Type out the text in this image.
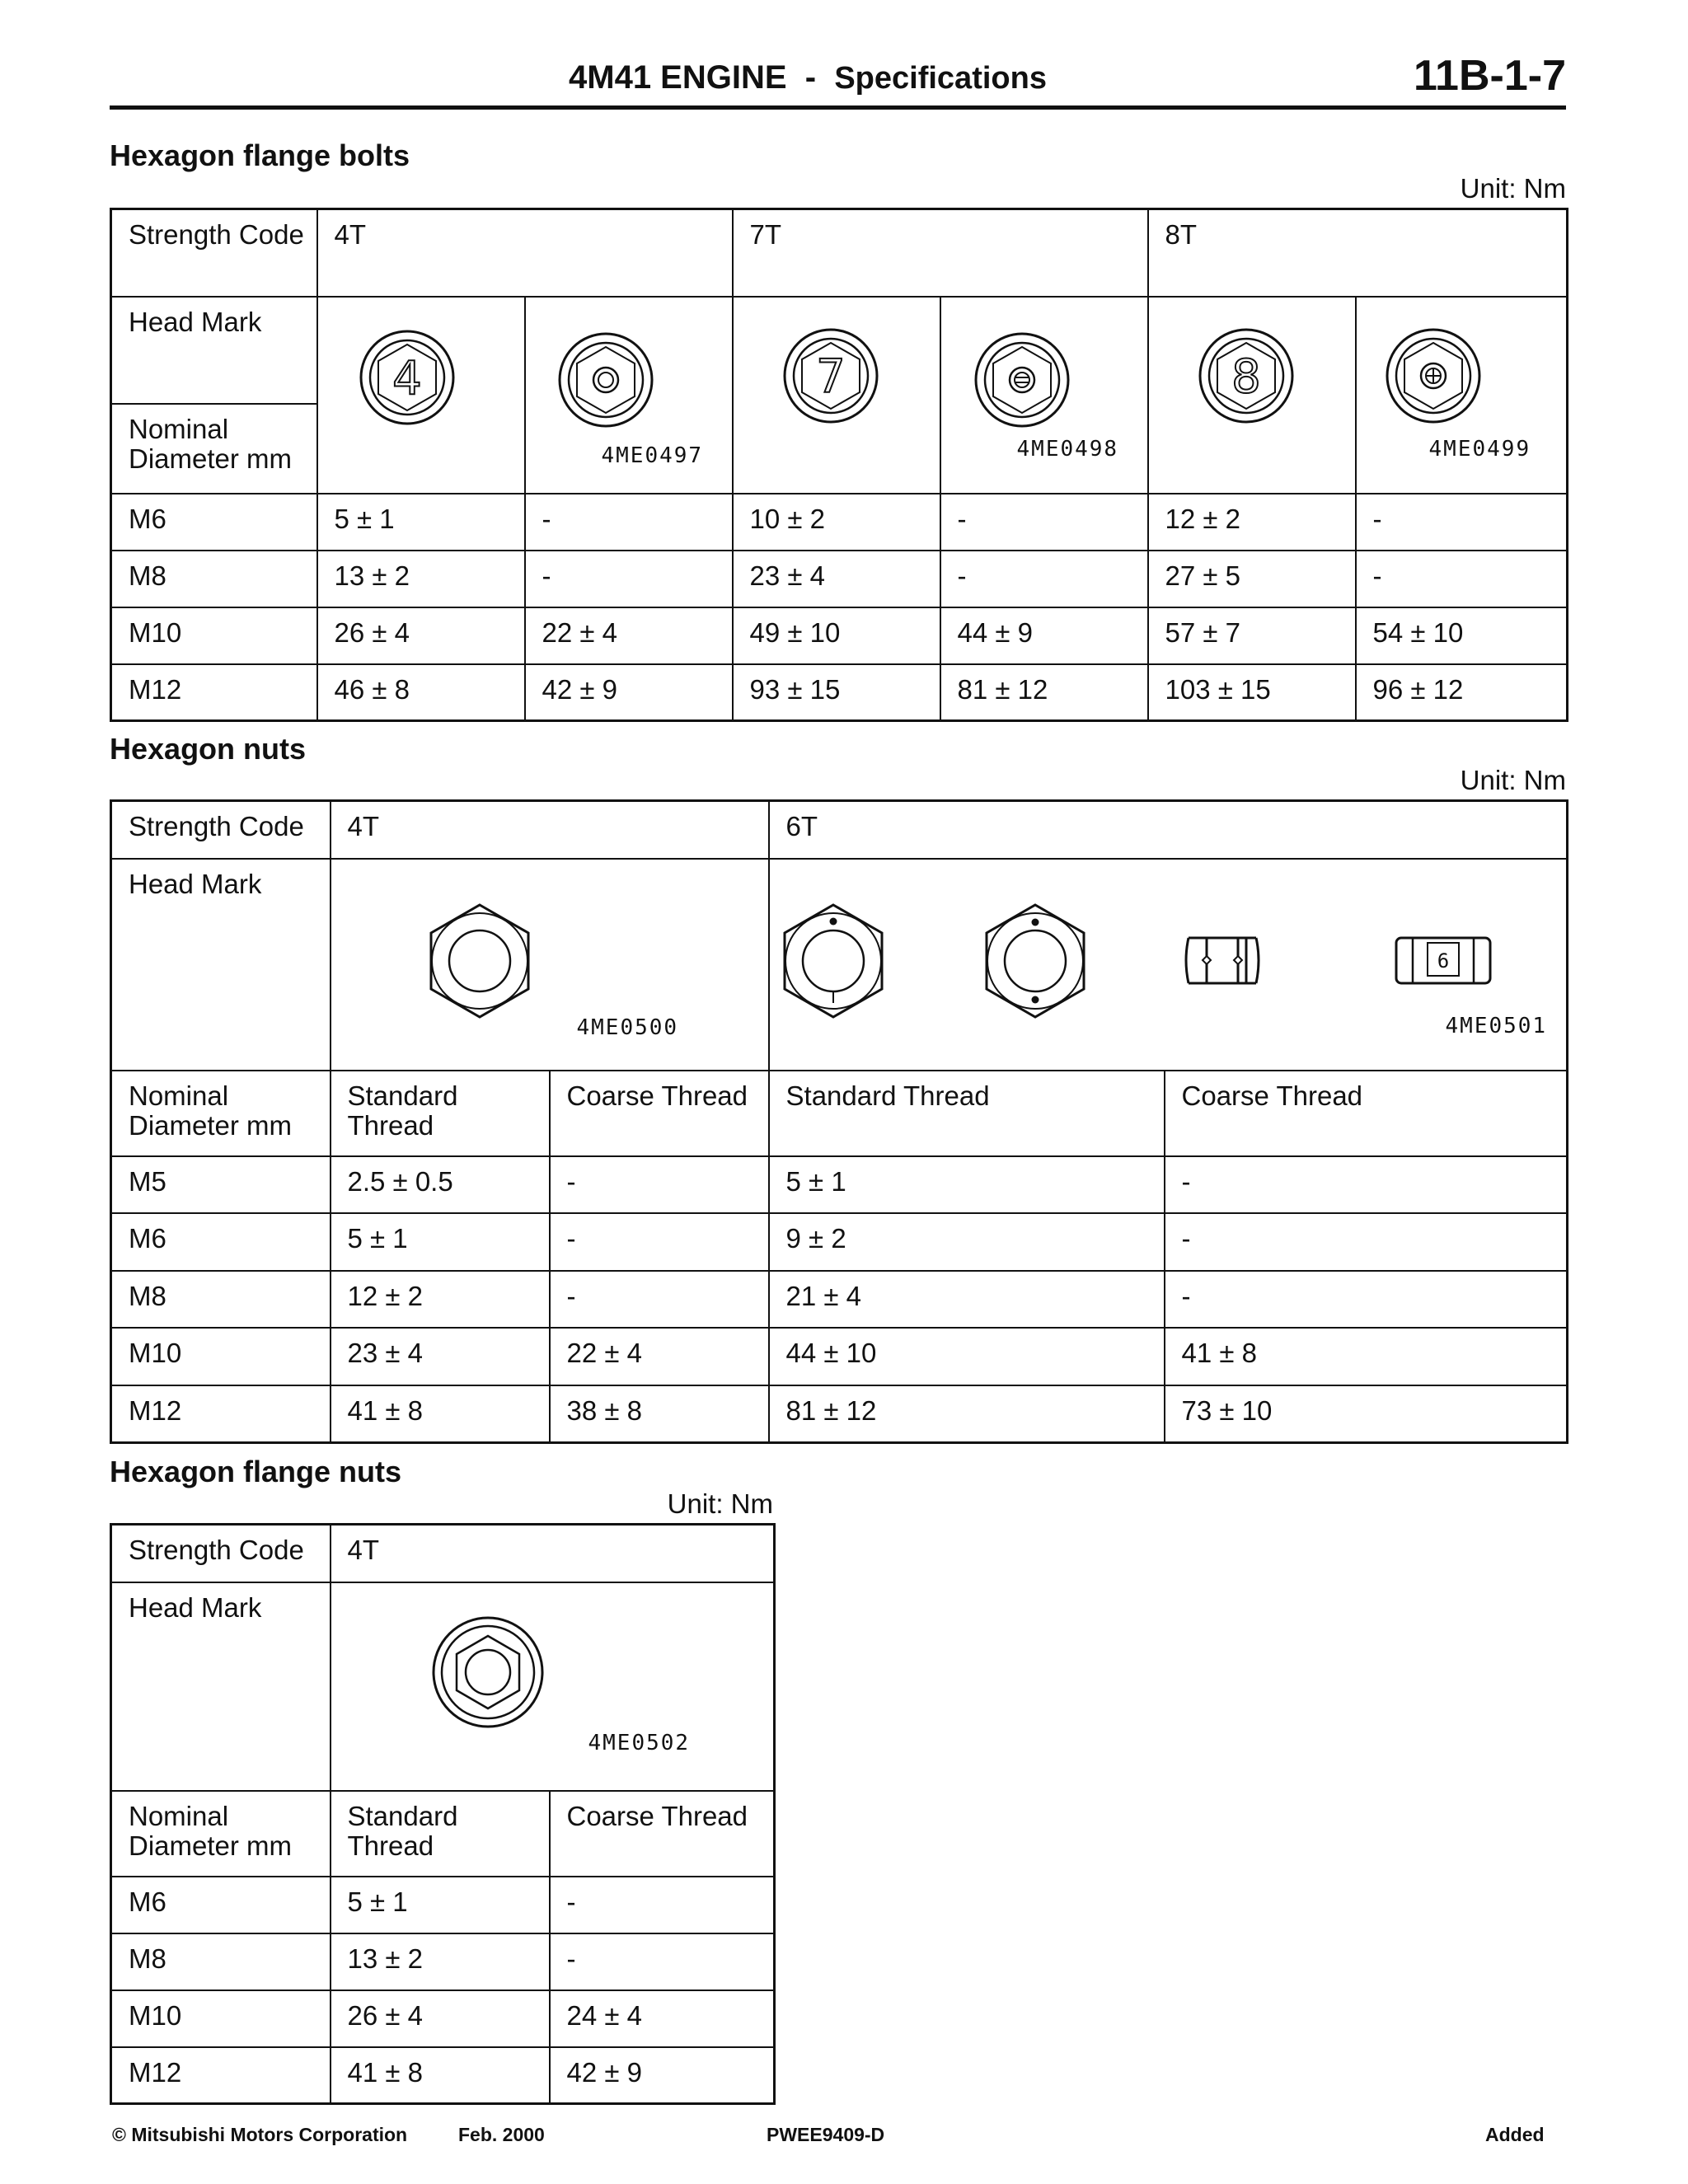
4M41 ENGINE - Specifications	11B-1-7
Hexagon flange bolts
Unit: Nm
Strength Code	4T		7T		8T	
Head Mark	4	4ME0497	7	4ME0498	8	4ME0499

Nominal Diameter mm						
M6	5 ± 1	-	10 ± 2	-	12 ± 2	-
M8	13 ± 2	-	23 ± 4	-	27 ± 5	-
M10	26 ± 4	22 ± 4	49 ± 10	44 ± 9	57 ± 7	54 ± 10
M12	46 ± 8	42 ± 9	93 ± 15	81 ± 12	103 ± 15	96 ± 12
Hexagon nuts
Unit: Nm
Strength Code	4T		6T	
Head Mark	4ME0500		6
4ME0501	

Nominal Diameter mm	Standard Thread	Coarse Thread	Standard Thread	Coarse Thread
M5	2.5 ± 0.5	-	5 ± 1	-
M6	5 ± 1	-	9 ± 2	-
M8	12 ± 2	-	21 ± 4	-
M10	23 ± 4	22 ± 4	44 ± 10	41 ± 8
M12	41 ± 8	38 ± 8	81 ± 12	73 ± 10
Hexagon flange nuts
Unit: Nm
Strength Code	4T	
Head Mark	4ME0502	

Nominal Diameter mm	Standard Thread	Coarse Thread
M6	5 ± 1	-
M8	13 ± 2	-
M10	26 ± 4	24 ± 4
M12	41 ± 8	42 ± 9
© Mitsubishi Motors Corporation	Feb. 2000	PWEE9409-D	Added
